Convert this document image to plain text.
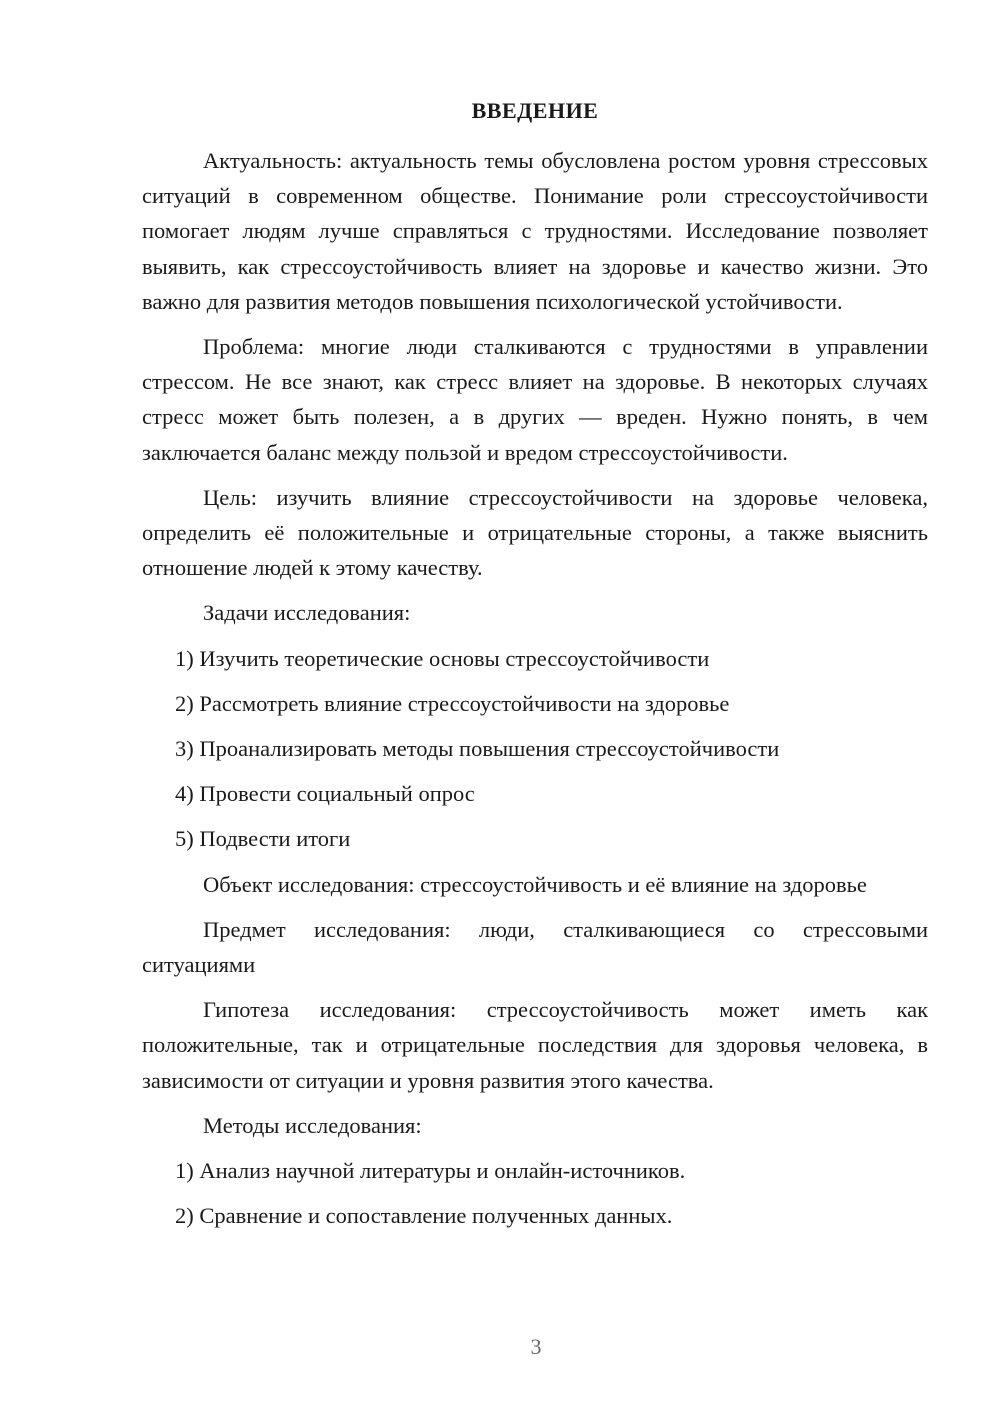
ВВЕДЕНИЕ

Актуальность: актуальность темы обусловлена ростом уровня стрессовых ситуаций в современном обществе. Понимание роли стрессоустойчивости помогает людям лучше справляться с трудностями. Исследование позволяет выявить, как стрессоустойчивость влияет на здоровье и качество жизни. Это важно для развития методов повышения психологической устойчивости.

Проблема: многие люди сталкиваются с трудностями в управлении стрессом. Не все знают, как стресс влияет на здоровье. В некоторых случаях стресс может быть полезен, а в других — вреден. Нужно понять, в чем заключается баланс между пользой и вредом стрессоустойчивости.

Цель: изучить влияние стрессоустойчивости на здоровье человека, определить её положительные и отрицательные стороны, а также выяснить отношение людей к этому качеству.

Задачи исследования:

1) Изучить теоретические основы стрессоустойчивости

2) Рассмотреть влияние стрессоустойчивости на здоровье

3) Проанализировать методы повышения стрессоустойчивости

4) Провести социальный опрос

5) Подвести итоги

Объект исследования: стрессоустойчивость и её влияние на здоровье

Предмет исследования: люди, сталкивающиеся со стрессовыми ситуациями

Гипотеза исследования: стрессоустойчивость может иметь как положительные, так и отрицательные последствия для здоровья человека, в зависимости от ситуации и уровня развития этого качества.

Методы исследования:

1) Анализ научной литературы и онлайн-источников.

2) Сравнение и сопоставление полученных данных.

3
